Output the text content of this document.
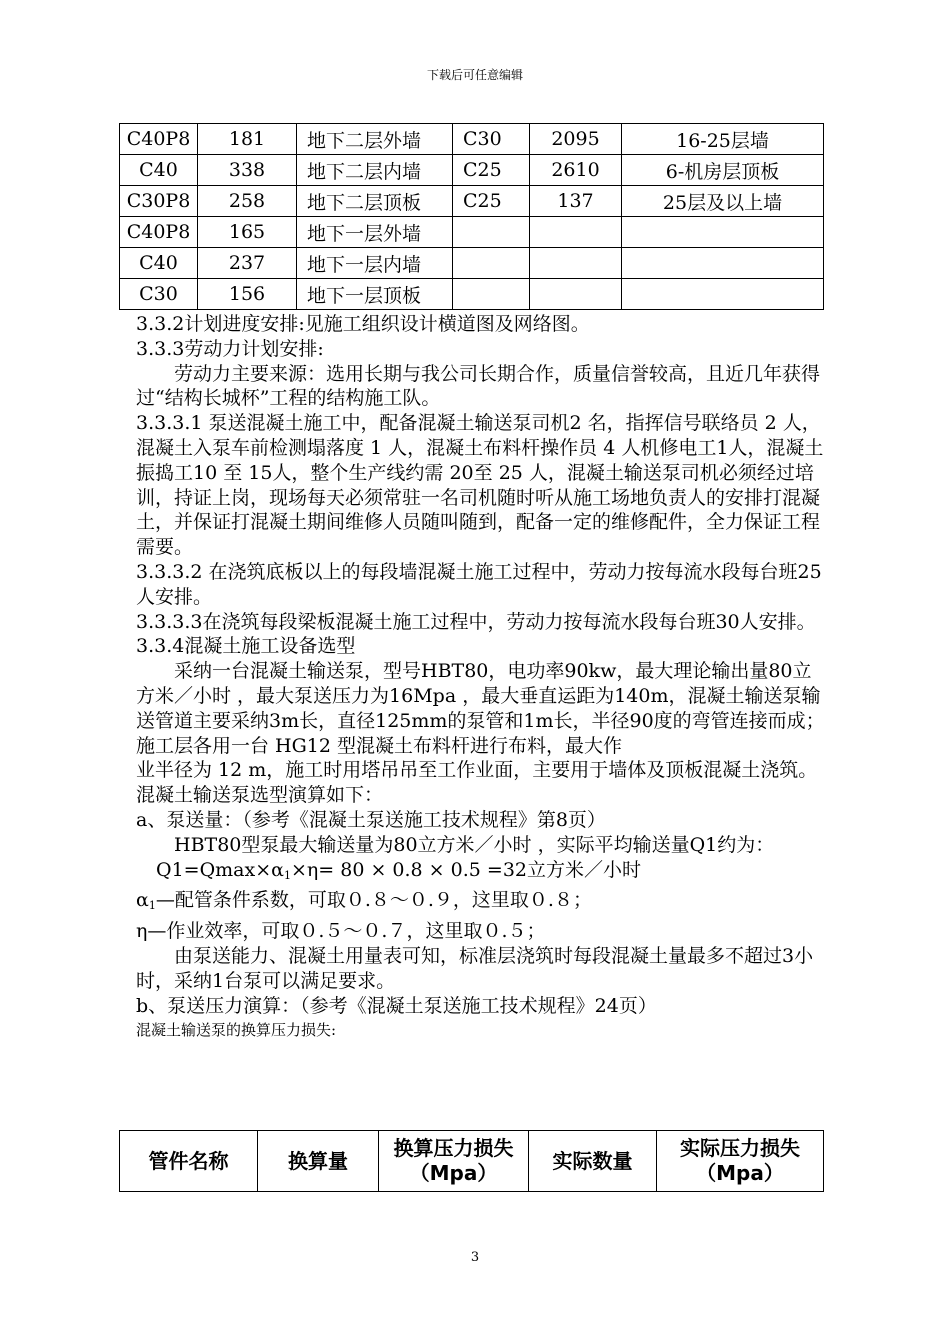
下载后可任意编辑
C40P8	181	地下二层外墙	C30	2095	16-25层墙
C40	338	地下二层内墙	C25	2610	6-机房层顶板
C30P8	258	地下二层顶板	C25	137	25层及以上墙
C40P8	165	地下一层外墙			
C40	237	地下一层内墙			
C30	156	地下一层顶板			

3.3.2计划进度安排:见施工组织设计横道图及网络图。

3.3.3劳动力计划安排:

劳动力主要来源：选用长期与我公司长期合作，质量信誉较高，且近几年获得过“结构长城杯”工程的结构施工队。

3.3.3.1 泵送混凝土施工中，配备混凝土输送泵司机2 名，指挥信号联络员 2 人，混凝土入泵车前检测塌落度 1 人，混凝土布料杆操作员 4 人机修电工1人，混凝土振捣工10 至 15人，整个生产线约需 20至 25 人，混凝土输送泵司机必须经过培训，持证上岗，现场每天必须常驻一名司机随时听从施工场地负责人的安排打混凝土，并保证打混凝土期间维修人员随叫随到，配备一定的维修配件，全力保证工程需要。

3.3.3.2 在浇筑底板以上的每段墙混凝土施工过程中，劳动力按每流水段每台班25人安排。

3.3.3.3在浇筑每段梁板混凝土施工过程中，劳动力按每流水段每台班30人安排。

3.3.4混凝土施工设备选型

采纳一台混凝土输送泵，型号HBT80，电功率90kw，最大理论输出量80立方米／小时 ，最大泵送压力为16Mpa ，最大垂直运距为140m，混凝土输送泵输送管道主要采纳3m长，直径125mm的泵管和1m长，半径90度的弯管连接而成；施工层各用一台 HG12 型混凝土布料杆进行布料，最大作

业半径为 12 m，施工时用塔吊吊至工作业面，主要用于墙体及顶板混凝土浇筑。

混凝土输送泵选型演算如下：

a、泵送量：（参考《混凝土泵送施工技术规程》第8页）

HBT80型泵最大输送量为80立方米／小时 ，实际平均输送量Q1约为：

$Q1=Qmax\times\alpha_1\times\eta= 80 \times 0.8 \times 0.5 =32$立方米／小时

$\alpha_1—$配管条件系数，可取０.８～０.９，这里取０.８；

η—作业效率，可取０.５～０.７，这里取０.５；

由泵送能力、混凝土用量表可知，标准层浇筑时每段混凝土量最多不超过3小时，采纳1台泵可以满足要求。

b、泵送压力演算：（参考《混凝土泵送施工技术规程》24页）

混凝土输送泵的换算压力损失:

管件名称	换算量	换算压力损失（Mpa）	实际数量	实际压力损失（Mpa）
3
